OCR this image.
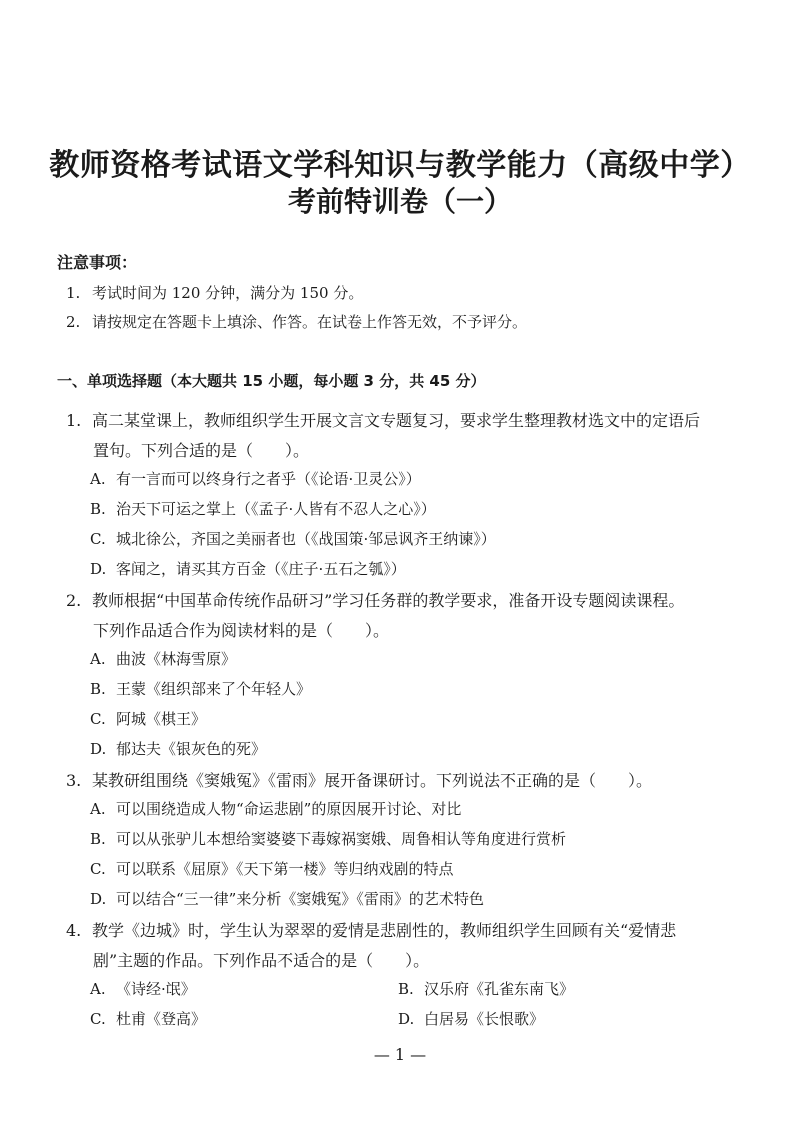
教师资格考试语文学科知识与教学能力（高级中学）
考前特训卷（一）
注意事项：
1. 考试时间为 120 分钟，满分为 150 分。
2. 请按规定在答题卡上填涂、作答。在试卷上作答无效，不予评分。
一、单项选择题（本大题共 15 小题，每小题 3 分，共 45 分）
1. 高二某堂课上，教师组织学生开展文言文专题复习，要求学生整理教材选文中的定语后
置句。下列合适的是（　　）。
A. 有一言而可以终身行之者乎（《论语·卫灵公》）
B. 治天下可运之掌上（《孟子·人皆有不忍人之心》）
C. 城北徐公，齐国之美丽者也（《战国策·邹忌讽齐王纳谏》）
D. 客闻之，请买其方百金（《庄子·五石之瓠》）
2. 教师根据“中国革命传统作品研习”学习任务群的教学要求，准备开设专题阅读课程。
下列作品适合作为阅读材料的是（　　）。
A. 曲波《林海雪原》
B. 王蒙《组织部来了个年轻人》
C. 阿城《棋王》
D. 郁达夫《银灰色的死》
3. 某教研组围绕《窦娥冤》《雷雨》展开备课研讨。下列说法不正确的是（　　）。
A. 可以围绕造成人物“命运悲剧”的原因展开讨论、对比
B. 可以从张驴儿本想给窦婆婆下毒嫁祸窦娥、周鲁相认等角度进行赏析
C. 可以联系《屈原》《天下第一楼》等归纳戏剧的特点
D. 可以结合“三一律”来分析《窦娥冤》《雷雨》的艺术特色
4. 教学《边城》时，学生认为翠翠的爱情是悲剧性的，教师组织学生回顾有关“爱情悲
剧”主题的作品。下列作品不适合的是（　　）。
A. 《诗经·氓》	B. 汉乐府《孔雀东南飞》
C. 杜甫《登高》	D. 白居易《长恨歌》
— 1 —
